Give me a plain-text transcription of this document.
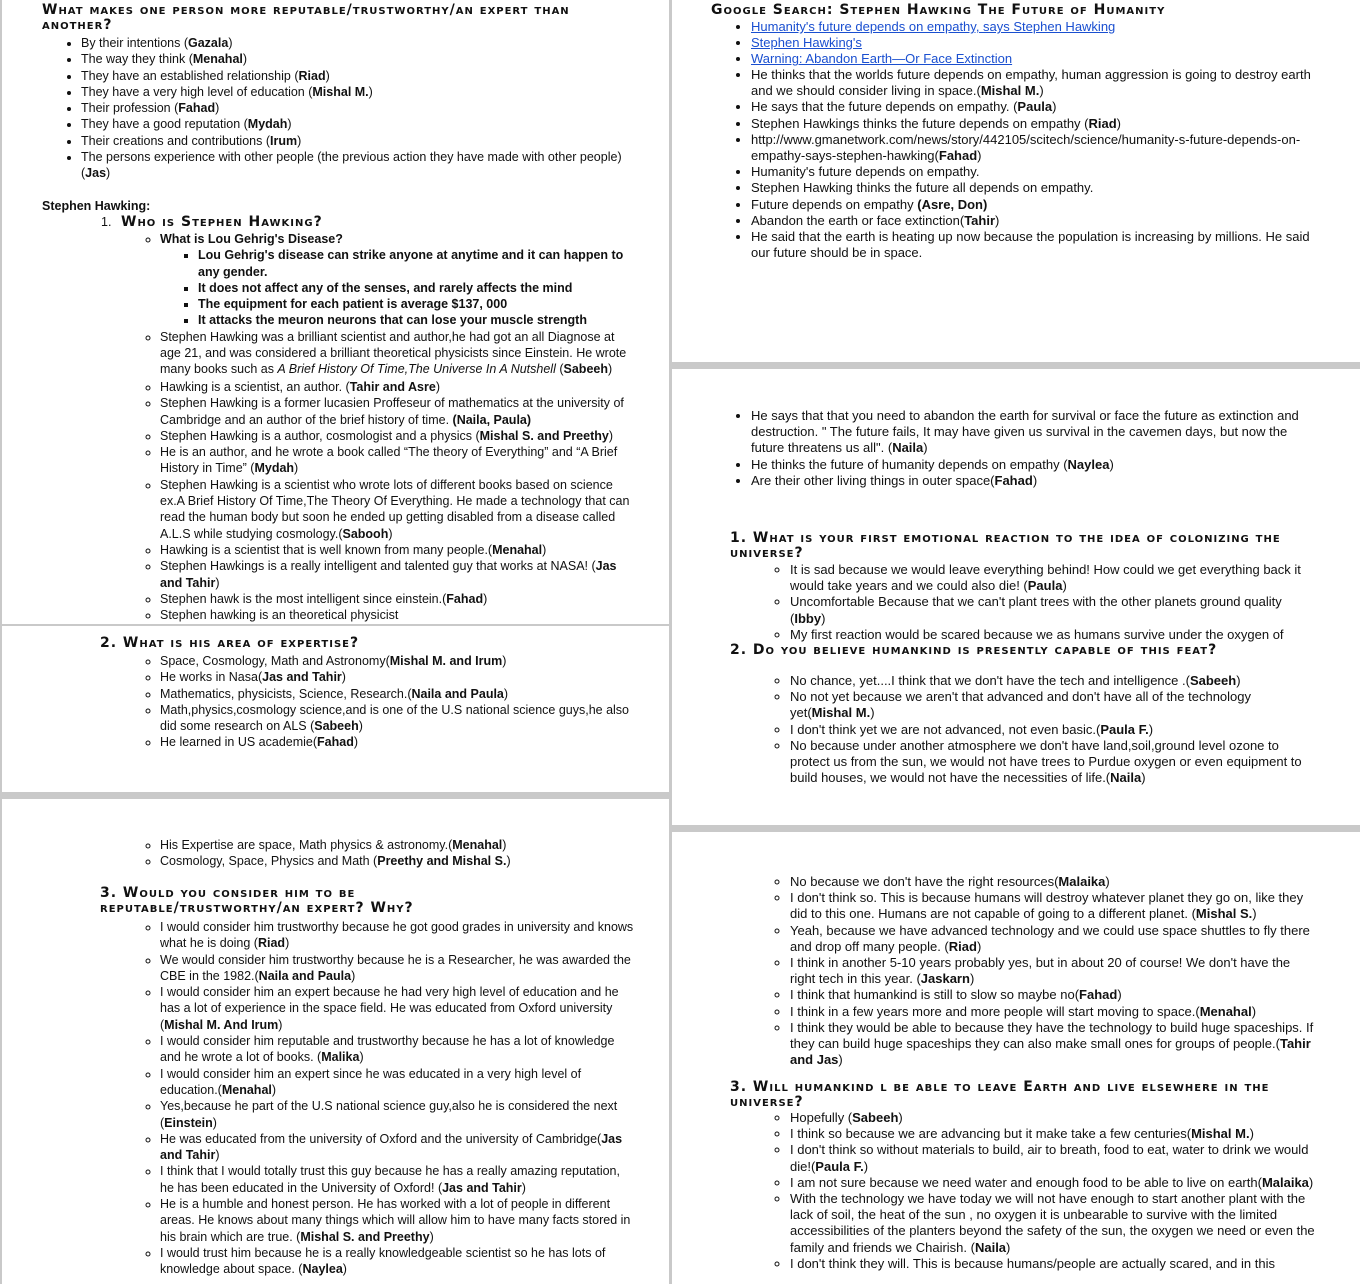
What makes one person more reputable/trustworthy/an expert than another?

• By their intentions (Gazala)
• The way they think (Menahal)
• They have an established relationship (Riad)
• They have a very high level of education (Mishal M.)
• Their profession (Fahad)
• They have a good reputation (Mydah)
• Their creations and contributions (Irum)
• The persons experience with other people (the previous action they have made with other people) (Jas)
Stephen Hawking:
1. Who is Stephen Hawking?

◦ What is Lou Gehrig's Disease?
▪ Lou Gehrig's disease can strike anyone at anytime and it can happen to any gender.
▪ It does not affect any of the senses, and rarely affects the mind
▪ The equipment for each patient is average $137, 000
▪ It attacks the meuron neurons that can lose your muscle strength
◦ Stephen Hawking was a brilliant scientist and author,he had got an all Diagnose at age 21, and was considered a brilliant theoretical physicists since Einstein. He wrote many books such as A Brief History Of Time,The Universe In A Nutshell (Sabeeh)
◦ Hawking is a scientist, an author. (Tahir and Asre)
◦ Stephen Hawking is a former lucasien Proffeseur of mathematics at the university of Cambridge and an author of the brief history of time. (Naila, Paula)
◦ Stephen Hawking is a author, cosmologist and a physics (Mishal S. and Preethy)
◦ He is an author, and he wrote a book called “The theory of Everything” and “A Brief History in Time” (Mydah)
◦ Stephen Hawking is a scientist who wrote lots of different books based on science ex.A Brief History Of Time,The Theory Of Everything. He made a technology that can read the human body but soon he ended up getting disabled from a disease called A.L.S while studying cosmology.(Sabooh)
◦ Hawking is a scientist that is well known from many people.(Menahal)
◦ Stephen Hawkings is a really intelligent and talented guy that works at NASA! (Jas and Tahir)
◦ Stephen hawk is the most intelligent since einstein.(Fahad)
◦ Stephen hawking is an theoretical physicist

2. What is his area of expertise?

◦ Space, Cosmology, Math and Astronomy(Mishal M. and Irum)
◦ He works in Nasa(Jas and Tahir)
◦ Mathematics, physicists, Science, Research.(Naila and Paula)
◦ Math,physics,cosmology science,and is one of the U.S national science guys,he also did some research on ALS (Sabeeh)
◦ He learned in US academie(Fahad)
◦ His Expertise are space, Math physics & astronomy.(Menahal)
◦ Cosmology, Space, Physics and Math (Preethy and Mishal S.)

3. Would you consider him to be reputable/trustworthy/an expert? Why?

◦ I would consider him trustworthy because he got good grades in university and knows what he is doing (Riad)
◦ We would consider him trustworthy because he is a Researcher, he was awarded the CBE in the 1982.(Naila and Paula)
◦ I would consider him an expert because he had very high level of education and he has a lot of experience in the space field. He was educated from Oxford university (Mishal M. And Irum)
◦ I would consider him reputable and trustworthy because he has a lot of knowledge and he wrote a lot of books. (Malika)
◦ I would consider him an expert since he was educated in a very high level of education.(Menahal)
◦ Yes,because he part of the U.S national science guy,also he is considered the next (Einstein)
◦ He was educated from the university of Oxford and the university of Cambridge(Jas and Tahir)
◦ I think that I would totally trust this guy because he has a really amazing reputation, he has been educated in the University of Oxford! (Jas and Tahir)
◦ He is a humble and honest person. He has worked with a lot of people in different areas. He knows about many things which will allow him to have many facts stored in his brain which are true. (Mishal S. and Preethy)
◦ I would trust him because he is a really knowledgeable scientist so he has lots of knowledge about space. (Naylea)

Google Search: Stephen Hawking The Future of Humanity

• Humanity's future depends on empathy, says Stephen Hawking
• Stephen Hawking's
• Warning: Abandon Earth—Or Face Extinction
• He thinks that the worlds future depends on empathy, human aggression is going to destroy earth and we should consider living in space.(Mishal M.)
• He says that the future depends on empathy. (Paula)
• Stephen Hawkings thinks the future depends on empathy (Riad)
• http://www.gmanetwork.com/news/story/442105/scitech/science/humanity-s-future-depends-on-empathy-says-stephen-hawking(Fahad)
• Humanity's future depends on empathy.
• Stephen Hawking thinks the future all depends on empathy.
• Future depends on empathy (Asre, Don)
• Abandon the earth or face extinction(Tahir)
• He said that the earth is heating up now because the population is increasing by millions. He said our future should be in space.
• He says that that you need to abandon the earth for survival or face the future as extinction and destruction. " The future fails, It may have given us survival in the cavemen days, but now the future threatens us all". (Naila)
• He thinks the future of humanity depends on empathy (Naylea)
• Are their other living things in outer space(Fahad)

1. What is your first emotional reaction to the idea of colonizing the universe?

◦ It is sad because we would leave everything behind! How could we get everything back it would take years and we could also die! (Paula)
◦ Uncomfortable Because that we can't plant trees with the other planets ground quality (Ibby)
◦ My first reaction would be scared because we as humans survive under the oxygen of

2. Do you believe humankind is presently capable of this feat?

◦ No chance, yet....I think that we don't have the tech and intelligence .(Sabeeh)
◦ No not yet because we aren't that advanced and don't have all of the technology yet(Mishal M.)
◦ I don't think yet we are not advanced, not even basic.(Paula F.)
◦ No because under another atmosphere we don't have land,soil,ground level ozone to protect us from the sun, we would not have trees to Purdue oxygen or even equipment to build houses, we would not have the necessities of life.(Naila)
◦ No because we don't have the right resources(Malaika)
◦ I don't think so. This is because humans will destroy whatever planet they go on, like they did to this one. Humans are not capable of going to a different planet. (Mishal S.)
◦ Yeah, because we have advanced technology and we could use space shuttles to fly there and drop off many people. (Riad)
◦ I think in another 5-10 years probably yes, but in about 20 of course! We don't have the right tech in this year. (Jaskarn)
◦ I think that humankind is still to slow so maybe no(Fahad)
◦ I think in a few years more and more people will start moving to space.(Menahal)
◦ I think they would be able to because they have the technology to build huge spaceships. If they can build huge spaceships they can also make small ones for groups of people.(Tahir and Jas)

3. Will humankind l be able to leave Earth and live elsewhere in the universe?

◦ Hopefully (Sabeeh)
◦ I think so because we are advancing but it make take a few centuries(Mishal M.)
◦ I don't think so without materials to build, air to breath, food to eat, water to drink we would die!(Paula F.)
◦ I am not sure because we need water and enough food to be able to live on earth(Malaika)
◦ With the technology we have today we will not have enough to start another plant with the lack of soil, the heat of the sun , no oxygen it is unbearable to survive with the limited accessibilities of the planters beyond the safety of the sun, the oxygen we need or even the family and friends we Chairish. (Naila)
◦ I don't think they will. This is because humans/people are actually scared, and in this
